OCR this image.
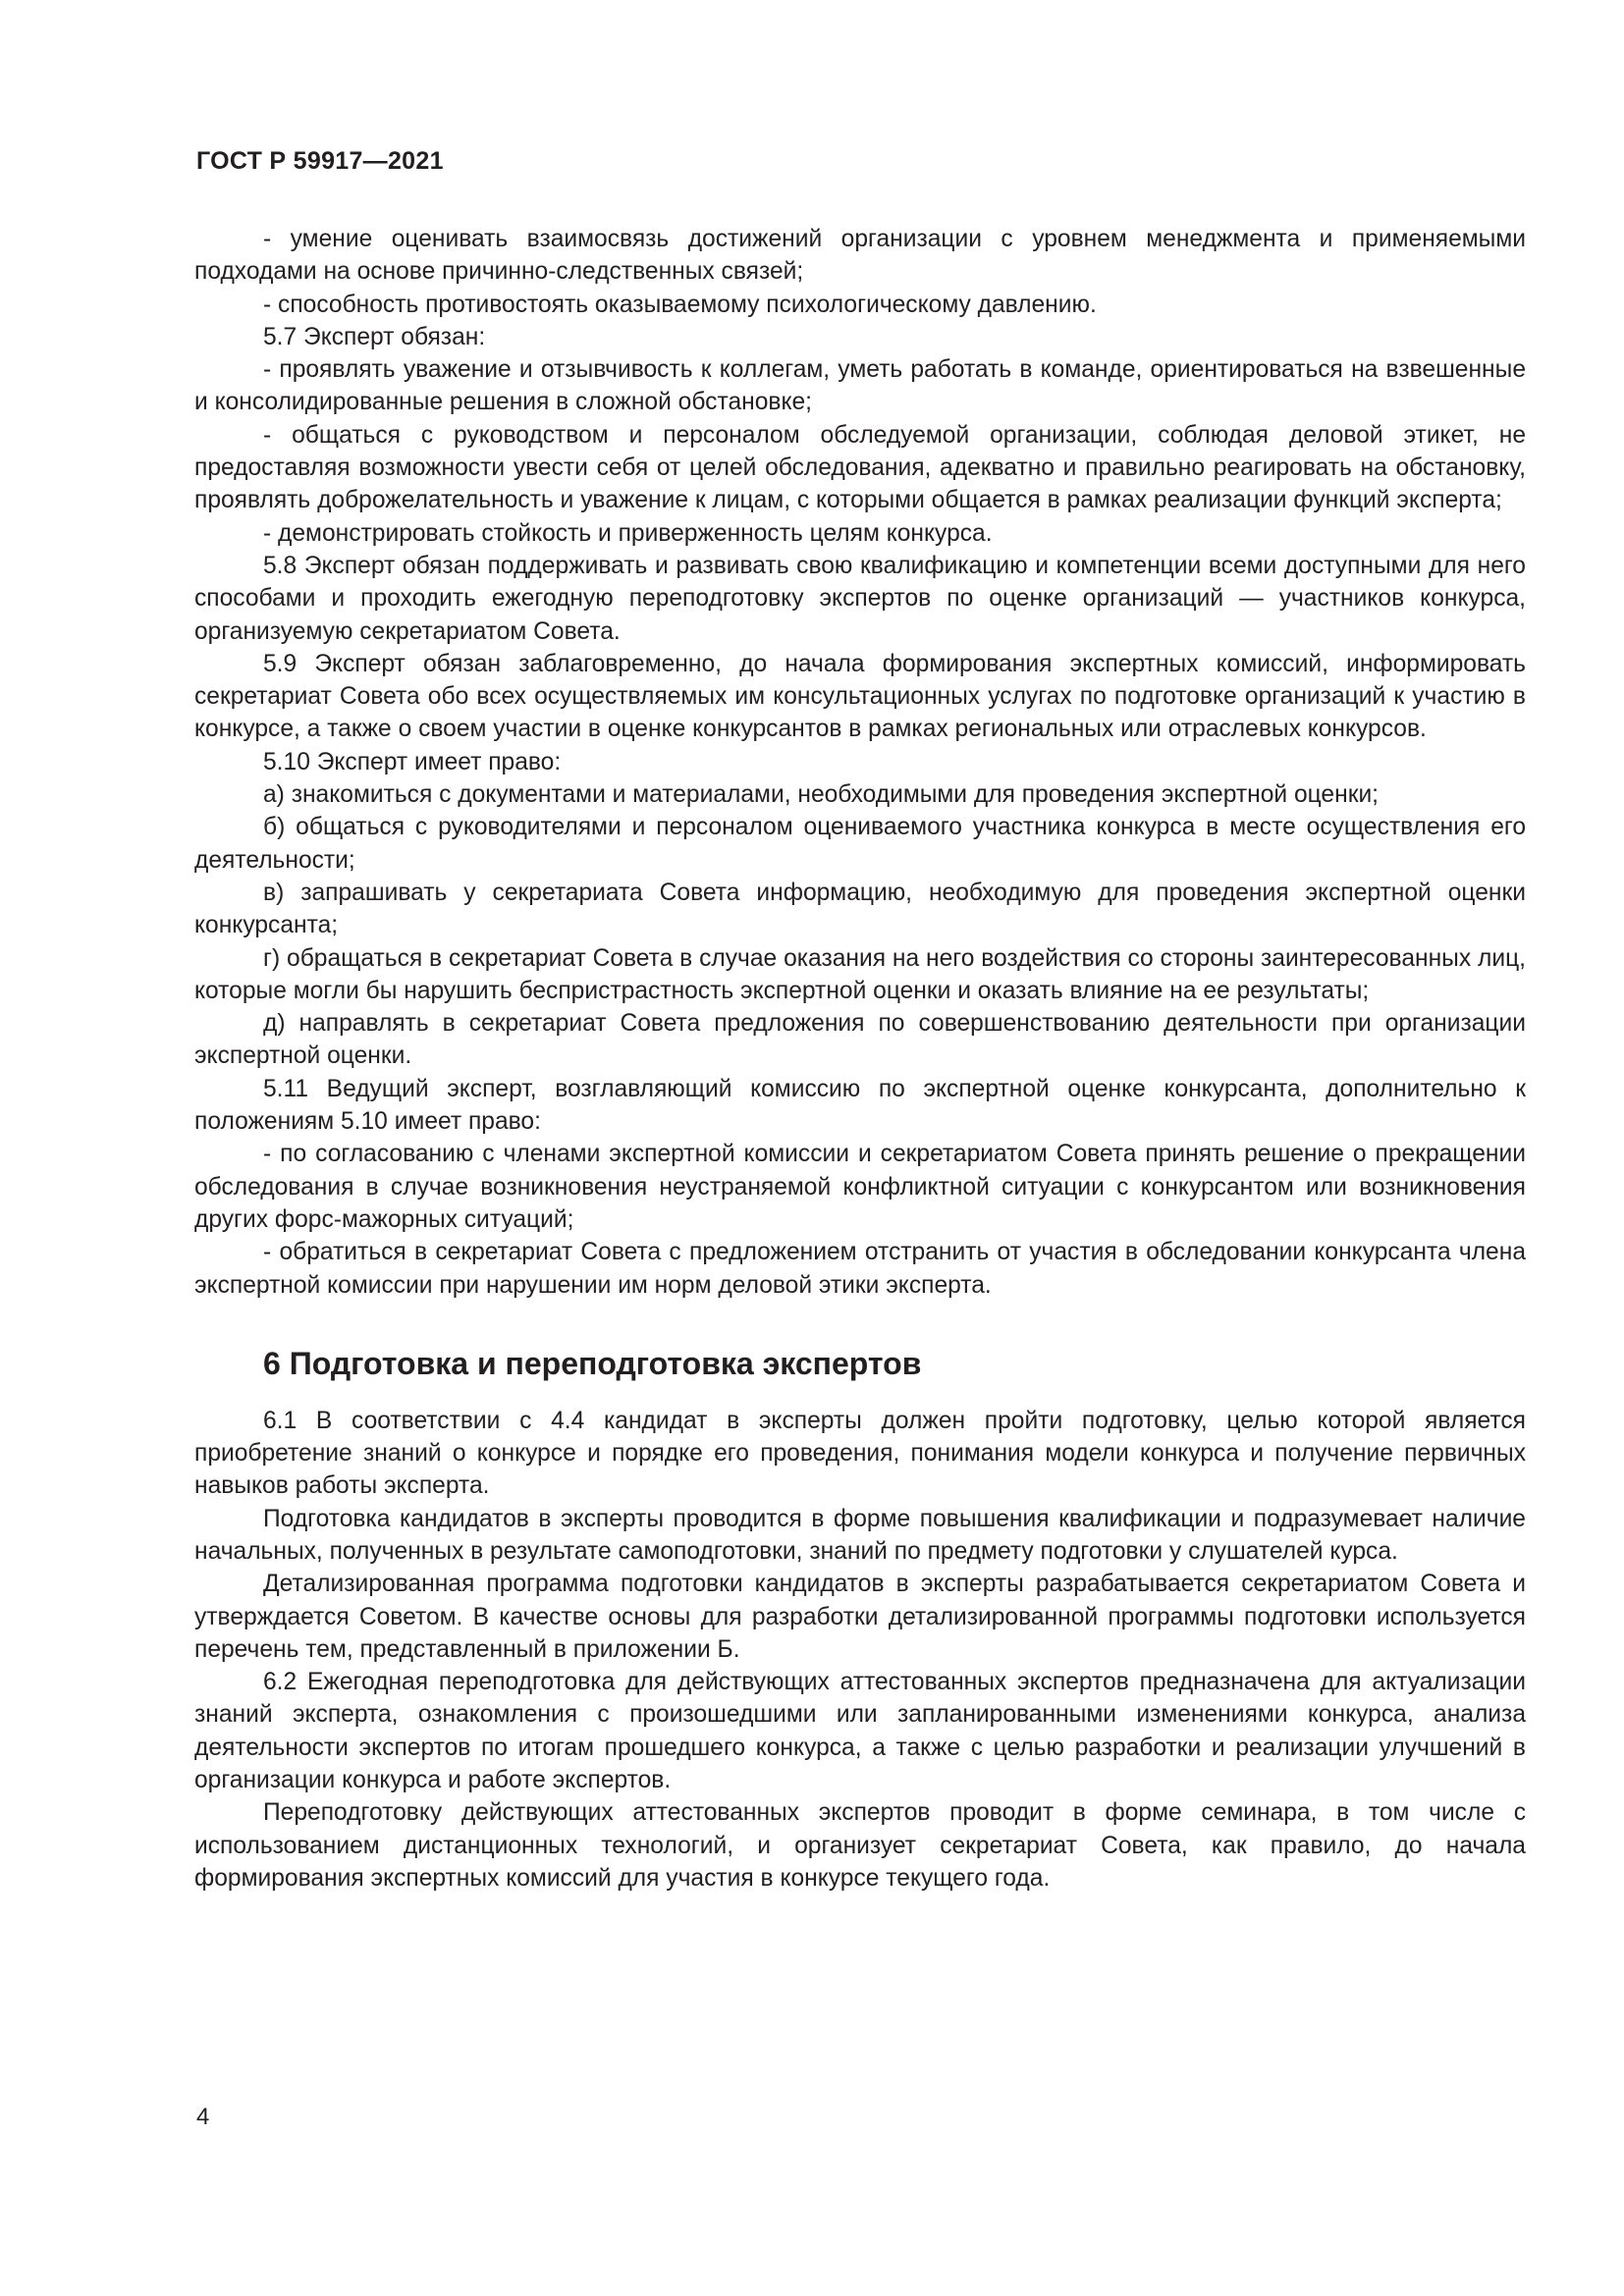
ГОСТ Р 59917—2021

- умение оценивать взаимосвязь достижений организации с уровнем менеджмента и применяемыми подходами на основе причинно-следственных связей;

- способность противостоять оказываемому психологическому давлению.

5.7 Эксперт обязан:

- проявлять уважение и отзывчивость к коллегам, уметь работать в команде, ориентироваться на взвешенные и консолидированные решения в сложной обстановке;

- общаться с руководством и персоналом обследуемой организации, соблюдая деловой этикет, не предоставляя возможности увести себя от целей обследования, адекватно и правильно реагировать на обстановку, проявлять доброжелательность и уважение к лицам, с которыми общается в рамках реализации функций эксперта;

- демонстрировать стойкость и приверженность целям конкурса.

5.8 Эксперт обязан поддерживать и развивать свою квалификацию и компетенции всеми доступными для него способами и проходить ежегодную переподготовку экспертов по оценке организаций — участников конкурса, организуемую секретариатом Совета.

5.9 Эксперт обязан заблаговременно, до начала формирования экспертных комиссий, информировать секретариат Совета обо всех осуществляемых им консультационных услугах по подготовке организаций к участию в конкурсе, а также о своем участии в оценке конкурсантов в рамках региональных или отраслевых конкурсов.

5.10 Эксперт имеет право:

а) знакомиться с документами и материалами, необходимыми для проведения экспертной оценки;

б) общаться с руководителями и персоналом оцениваемого участника конкурса в месте осуществления его деятельности;

в) запрашивать у секретариата Совета информацию, необходимую для проведения экспертной оценки конкурсанта;

г) обращаться в секретариат Совета в случае оказания на него воздействия со стороны заинтересованных лиц, которые могли бы нарушить беспристрастность экспертной оценки и оказать влияние на ее результаты;

д) направлять в секретариат Совета предложения по совершенствованию деятельности при организации экспертной оценки.

5.11 Ведущий эксперт, возглавляющий комиссию по экспертной оценке конкурсанта, дополнительно к положениям 5.10 имеет право:

- по согласованию с членами экспертной комиссии и секретариатом Совета принять решение о прекращении обследования в случае возникновения неустраняемой конфликтной ситуации с конкурсантом или возникновения других форс-мажорных ситуаций;

- обратиться в секретариат Совета с предложением отстранить от участия в обследовании конкурсанта члена экспертной комиссии при нарушении им норм деловой этики эксперта.

6 Подготовка и переподготовка экспертов

6.1 В соответствии с 4.4 кандидат в эксперты должен пройти подготовку, целью которой является приобретение знаний о конкурсе и порядке его проведения, понимания модели конкурса и получение первичных навыков работы эксперта.

Подготовка кандидатов в эксперты проводится в форме повышения квалификации и подразумевает наличие начальных, полученных в результате самоподготовки, знаний по предмету подготовки у слушателей курса.

Детализированная программа подготовки кандидатов в эксперты разрабатывается секретариатом Совета и утверждается Советом. В качестве основы для разработки детализированной программы подготовки используется перечень тем, представленный в приложении Б.

6.2 Ежегодная переподготовка для действующих аттестованных экспертов предназначена для актуализации знаний эксперта, ознакомления с произошедшими или запланированными изменениями конкурса, анализа деятельности экспертов по итогам прошедшего конкурса, а также с целью разработки и реализации улучшений в организации конкурса и работе экспертов.

Переподготовку действующих аттестованных экспертов проводит в форме семинара, в том числе с использованием дистанционных технологий, и организует секретариат Совета, как правило, до начала формирования экспертных комиссий для участия в конкурсе текущего года.

4
